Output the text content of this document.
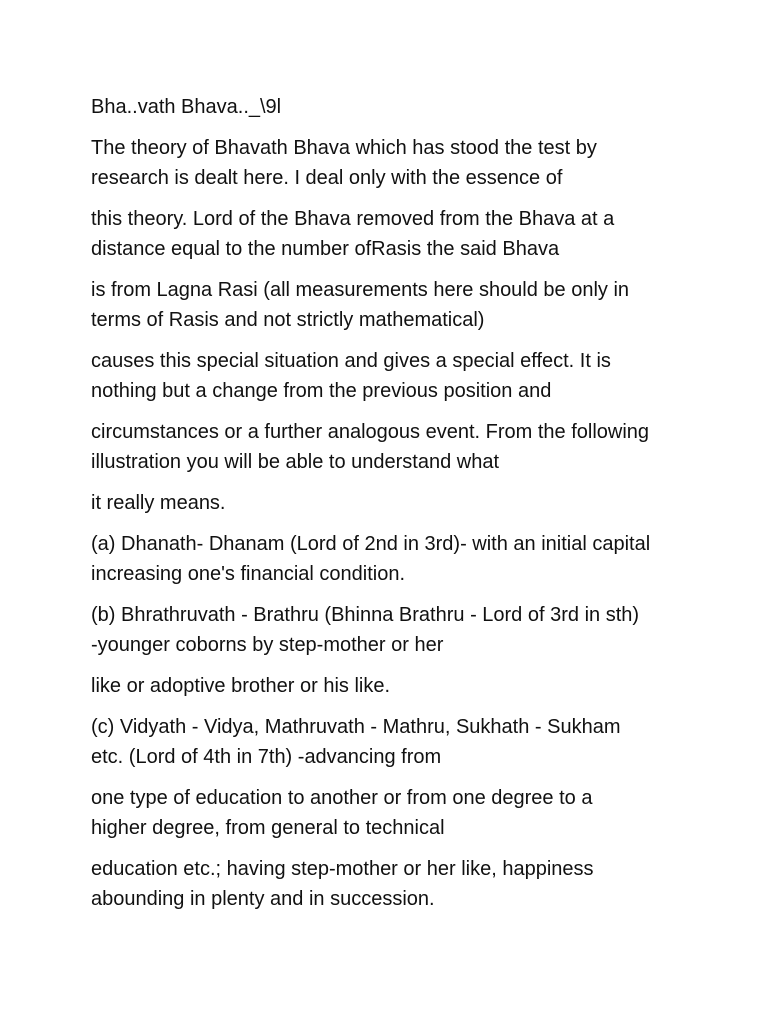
Bha..vath Bhava.._\9l

The theory of Bhavath Bhava which has stood the test by
research is dealt here. I deal only with the essence of

this theory. Lord of the Bhava removed from the Bhava at a
distance equal to the number ofRasis the said Bhava

is from Lagna Rasi (all measurements here should be only in
terms of Rasis and not strictly mathematical)

causes this special situation and gives a special effect. It is
nothing but a change from the previous position and

circumstances or a further analogous event. From the following
illustration you will be able to understand what

it really means.

(a) Dhanath- Dhanam (Lord of 2nd in 3rd)- with an initial capital
increasing one's financial condition.

(b) Bhrathruvath - Brathru (Bhinna Brathru - Lord of 3rd in sth)
-younger coborns by step-mother or her

like or adoptive brother or his like.

(c) Vidyath - Vidya, Mathruvath - Mathru, Sukhath - Sukham
etc. (Lord of 4th in 7th) -advancing from

one type of education to another or from one degree to a
higher degree, from general to technical

education etc.; having step-mother or her like, happiness
abounding in plenty and in succession.
